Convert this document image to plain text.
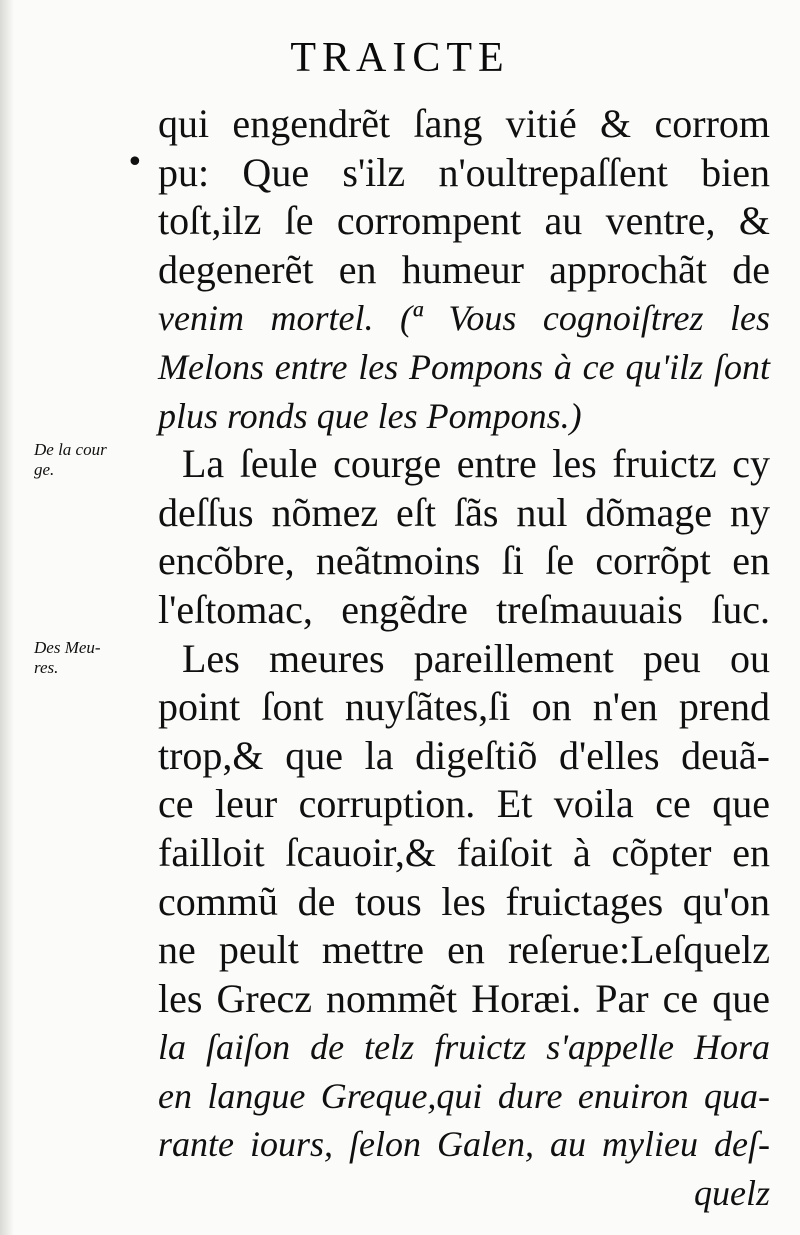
TRAICTE
•
De la cour
ge.
Des Meu-
res.
qui engendrẽt ſang vitié & corrom
pu: Que s'ilz n'oultrepaſſent bien
toſt,ilz ſe corrompent au ventre, &
degenerẽt en humeur approchãt de
venim mortel. (ª Vous cognoiſtrez les
Melons entre les Pompons à ce qu'ilz ſont
plus ronds que les Pompons.)
La ſeule courge entre les fruictz cy
deſſus nõmez eſt ſãs nul dõmage ny
encõbre, neãtmoins ſi ſe corrõpt en
l'eſtomac, engẽdre treſmauuais ſuc.
Les meures pareillement peu ou
point ſont nuyſãtes,ſi on n'en prend
trop,& que la digeſtiõ d'elles deuã-
ce leur corruption. Et voila ce que
failloit ſcauoir,& faiſoit à cõpter en
commũ de tous les fruictages qu'on
ne peult mettre en reſerue:Leſquelz
les Grecz nommẽt Horæi. Par ce que
la ſaiſon de telz fruictz s'appelle Hora
en langue Greque,qui dure enuiron qua-
rante iours, ſelon Galen, au mylieu deſ-
quelz
